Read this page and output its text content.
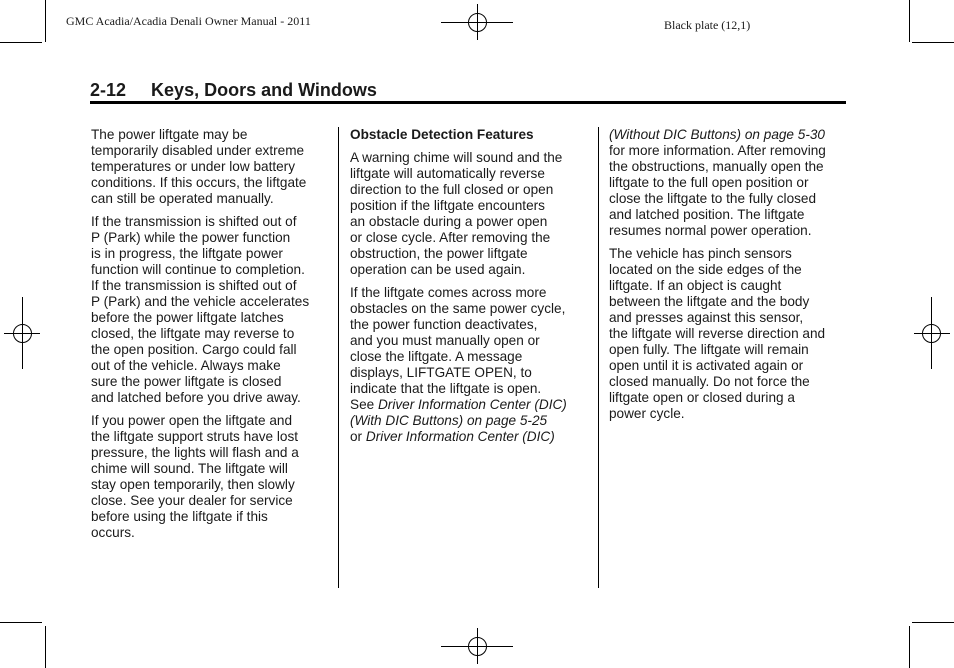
GMC Acadia/Acadia Denali Owner Manual - 2011	Black plate (12,1)
2-12 Keys, Doors and Windows

The power liftgate may be
temporarily disabled under extreme
temperatures or under low battery
conditions. If this occurs, the liftgate
can still be operated manually.

If the transmission is shifted out of
P (Park) while the power function
is in progress, the liftgate power
function will continue to completion.
If the transmission is shifted out of
P (Park) and the vehicle accelerates
before the power liftgate latches
closed, the liftgate may reverse to
the open position. Cargo could fall
out of the vehicle. Always make
sure the power liftgate is closed
and latched before you drive away.

If you power open the liftgate and
the liftgate support struts have lost
pressure, the lights will flash and a
chime will sound. The liftgate will
stay open temporarily, then slowly
close. See your dealer for service
before using the liftgate if this
occurs.

Obstacle Detection Features

A warning chime will sound and the
liftgate will automatically reverse
direction to the full closed or open
position if the liftgate encounters
an obstacle during a power open
or close cycle. After removing the
obstruction, the power liftgate
operation can be used again.

If the liftgate comes across more
obstacles on the same power cycle,
the power function deactivates,
and you must manually open or
close the liftgate. A message
displays, LIFTGATE OPEN, to
indicate that the liftgate is open.
See Driver Information Center (DIC)
(With DIC Buttons) on page 5-25
or Driver Information Center (DIC)

(Without DIC Buttons) on page 5-30
for more information. After removing
the obstructions, manually open the
liftgate to the full open position or
close the liftgate to the fully closed
and latched position. The liftgate
resumes normal power operation.

The vehicle has pinch sensors
located on the side edges of the
liftgate. If an object is caught
between the liftgate and the body
and presses against this sensor,
the liftgate will reverse direction and
open fully. The liftgate will remain
open until it is activated again or
closed manually. Do not force the
liftgate open or closed during a
power cycle.
